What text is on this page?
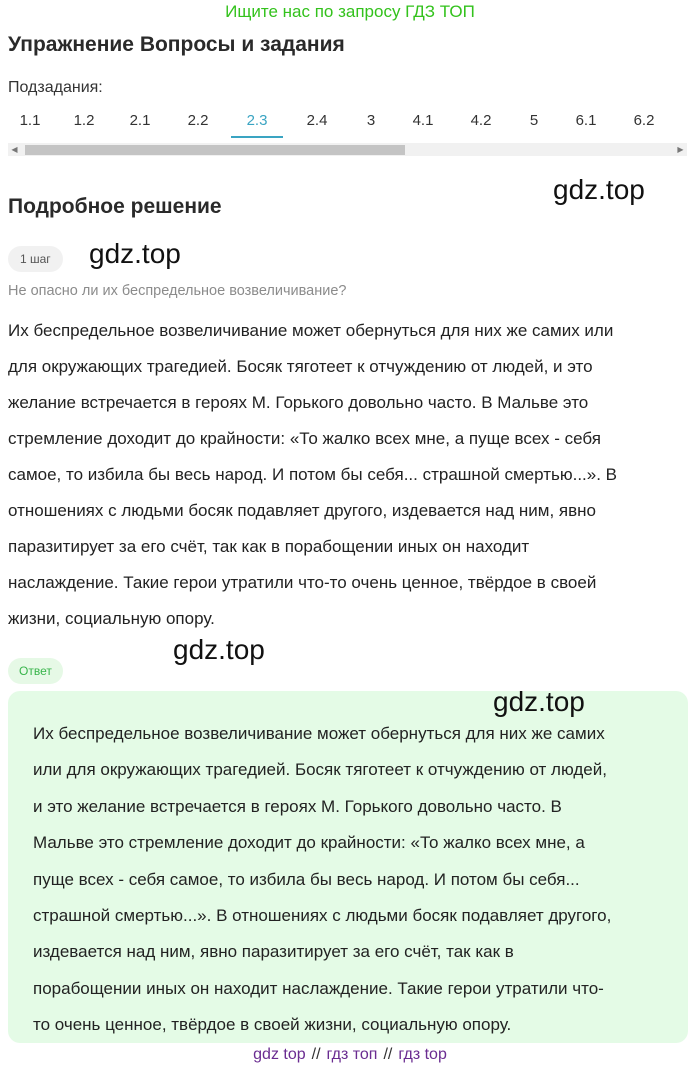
Ищите нас по запросу ГДЗ ТОП
Упражнение Вопросы и задания
Подзадания:
1.1	1.2	2.1	2.2	2.3	2.4	3	4.1	4.2	5	6.1	6.2
◀	▶
gdz.top
Подробное решение
1 шаг	gdz.top
Не опасно ли их беспредельное возвеличивание?
Их беспредельное возвеличивание может обернуться для них же самих или
для окружающих трагедией. Босяк тяготеет к отчуждению от людей, и это
желание встречается в героях М. Горького довольно часто. В Мальве это
стремление доходит до крайности: «То жалко всех мне, а пуще всех - себя
самое, то избила бы весь народ. И потом бы себя... страшной смертью...». В
отношениях с людьми босяк подавляет другого, издевается над ним, явно
паразитирует за его счёт, так как в порабощении иных он находит
наслаждение. Такие герои утратили что-то очень ценное, твёрдое в своей
жизни, социальную опору.
gdz.top
Ответ
gdz.top
Их беспредельное возвеличивание может обернуться для них же самих
или для окружающих трагедией. Босяк тяготеет к отчуждению от людей,
и это желание встречается в героях М. Горького довольно часто. В
Мальве это стремление доходит до крайности: «То жалко всех мне, а
пуще всех - себя самое, то избила бы весь народ. И потом бы себя...
страшной смертью...». В отношениях с людьми босяк подавляет другого,
издевается над ним, явно паразитирует за его счёт, так как в
порабощении иных он находит наслаждение. Такие герои утратили что-
то очень ценное, твёрдое в своей жизни, социальную опору.
gdz top // гдз топ // гдз top
